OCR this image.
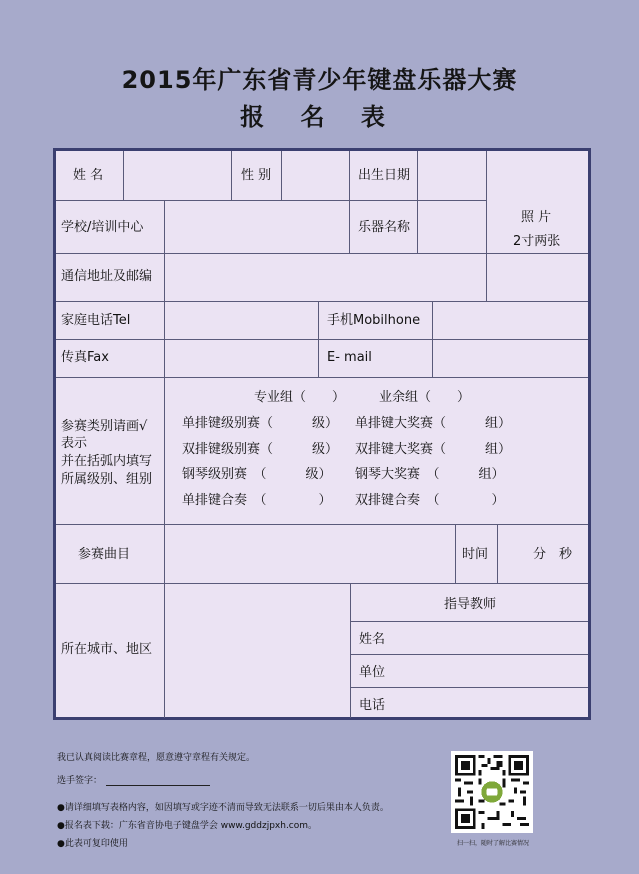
2015年广东省青少年键盘乐器大赛
报 名 表
姓 名	性 别	出生日期
照 片
2寸两张
学校/培训中心	乐器名称
通信地址及邮编
家庭电话Tel	手机Mobilhone
传真Fax	E- mail
参赛类别请画√
表示
并在括弧内填写
所属级别、组别
专业组（　　）	业余组（　　）
单排键级别赛（　　　级） 单排键大奖赛（　　　组）
双排键级别赛（　　　级） 双排键大奖赛（　　　组）
钢琴级别赛　（　　　级） 钢琴大奖赛　（　　　组）
单排键合奏　（　　　　） 双排键合奏　（　　　　）
参赛曲目	时间	分　秒
所在城市、地区
指导教师
姓名
单位
电话
我已认真阅读比赛章程，愿意遵守章程有关规定。
选手签字：
●请详细填写表格内容，如因填写或字迹不清而导致无法联系一切后果由本人负责。
●报名表下载：广东省音协电子键盘学会 www.gddzjpxh.com。
●此表可复印使用	扫一扫，随时了解比赛情况
